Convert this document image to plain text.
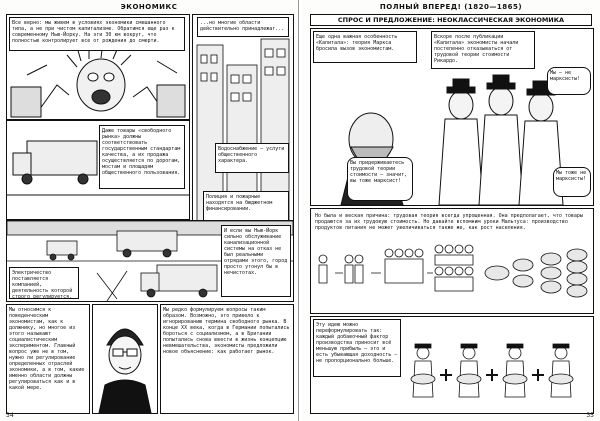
ЭКОНОМИКС
Все верно: мы живем в условиях экономики смешанного типа, а не при чистом капитализме. Обратимся еще раз к современному Нью-Йорку. На эти 30 км вокруг, что полностью контролирует все от рождения до смерти.
...но многие области действительно принадлежат...
Водоснабжение — услуги общественного характера.
Полиция и пожарные находятся на бюджетном финансировании.
Даже товары «свободного рынка» должны соответствовать государственным стандартам качества, а их продажа осуществляется по дорогам, мостам и площадям общественного пользования.
Электричество поставляется компанией, деятельность которой строго регулируется.
И если вы Нью-Йорк сильно обслуживание канализационной системы на отказ не был реальными отрядами этого, город просто утонул бы в нечистотах.
Мы относимся к поведенческим экономистам, как к должнику, но многое из этого называют социалистическим экспериментом. Главный вопрос уже не в том, нужно ли регулирование определенных отраслей экономики, а в том, какие именно области должны регулироваться как и в какой мере.
Мы редко формулируем вопросы таким образом. Возможно, это привело к игнорированию термина свободного рынка. В конце XX века, когда в Германии попытались бороться с социализмом, а в Британии попытались снова ввести в жизнь концепцию невмешательства, экономисты предложили новое объяснение: как работает рынок.
34
ПОЛНЫЙ ВПЕРЕД! (1820—1865)
СПРОС И ПРЕДЛОЖЕНИЕ: НЕОКЛАССИЧЕСКАЯ ЭКОНОМИКА
Еще одна важная особенность «Капитала»: теория Маркса бросила вызов экономистам.
Вскоре после публикации «Капитала» экономисты начали постепенно отказываться от трудовой теории стоимости Рикардо.
Вы придерживаетесь трудовой теории стоимости — значит, вы тоже марксист!
Мы — не марксисты!
Мы тоже не марксисты!
Но была и веская причина: трудовая теория всегда упрощенная. Она предполагает, что товары продаются за их трудовую стоимость. Но давайте вспомним уроки Мальтуса: производство продуктов питания не может увеличиваться также же, как рост населения.
Эту идею можно переформулировать так: каждый добавочный фактор производства приносит всё меньшую прибыль — это и есть убывающая доходность — не пропорционально больше.
35
